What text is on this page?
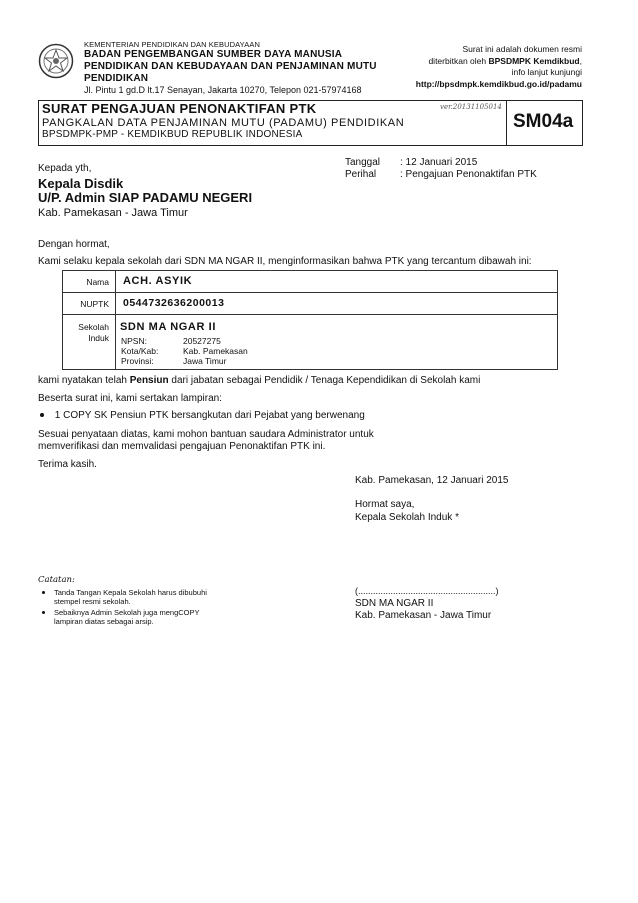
KEMENTERIAN PENDIDIKAN DAN KEBUDAYAAN
BADAN PENGEMBANGAN SUMBER DAYA MANUSIA
PENDIDIKAN DAN KEBUDAYAAN DAN PENJAMINAN MUTU
PENDIDIKAN
Jl. Pintu 1 gd.D lt.17 Senayan, Jakarta 10270, Telepon 021-57974168
Surat ini adalah dokumen resmi
diterbitkan oleh BPSDMPK Kemdikbud,
info lanjut kunjungi
http://bpsdmpk.kemdikbud.go.id/padamu
SURAT PENGAJUAN PENONAKTIFAN PTK
PANGKALAN DATA PENJAMINAN MUTU (PADAMU) PENDIDIKAN
BPSDMPK-PMP - KEMDIKBUD REPUBLIK INDONESIA
ver.20131105014
SM04a
Kepada yth,
Kepala Disdik
U/P. Admin SIAP PADAMU NEGERI
Kab. Pamekasan - Jawa Timur
Tanggal : 12 Januari 2015
Perihal : Pengajuan Penonaktifan PTK
Dengan hormat,
Kami selaku kepala sekolah dari SDN MA NGAR II, menginformasikan bahwa PTK yang tercantum dibawah ini:
Nama ACH. ASYIK
NUPTK 0544732636200013
Sekolah
Induk
SDN MA NGAR II
NPSN:	20527275
Kota/Kab:	Kab. Pamekasan
Provinsi:	Jawa Timur
kami nyatakan telah Pensiun dari jabatan sebagai Pendidik / Tenaga Kependidikan di Sekolah kami
Beserta surat ini, kami sertakan lampiran:
1 COPY SK Pensiun PTK bersangkutan dari Pejabat yang berwenang
Sesuai penyataan diatas, kami mohon bantuan saudara Administrator untuk
memverifikasi dan memvalidasi pengajuan Penonaktifan PTK ini.
Terima kasih.
Kab. Pamekasan, 12 Januari 2015
Hormat saya,
Kepala Sekolah Induk *
(.......................................................)
SDN MA NGAR II
Kab. Pamekasan - Jawa Timur
Catatan:
Tanda Tangan Kepala Sekolah harus dibubuhi
stempel resmi sekolah.
Sebaiknya Admin Sekolah juga mengCOPY
lampiran diatas sebagai arsip.
